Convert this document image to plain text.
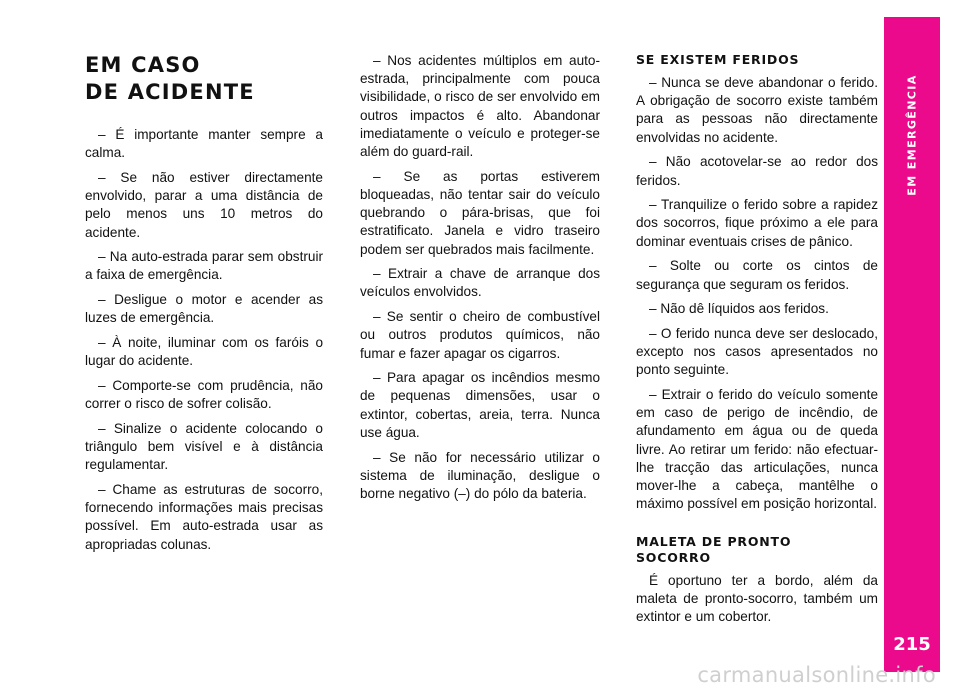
EM CASO
DE ACIDENTE

– É importante manter sempre a calma.

– Se não estiver directamente envolvido, parar a uma distância de pelo menos uns 10 metros do acidente.

– Na auto-estrada parar sem obstruir a faixa de emergência.

– Desligue o motor e acender as luzes de emergência.

– À noite, iluminar com os faróis o lugar do acidente.

– Comporte-se com prudência, não correr o risco de sofrer colisão.

– Sinalize o acidente colocando o triângulo bem visível e à distância regulamentar.

– Chame as estruturas de socorro, fornecendo informações mais precisas possível. Em auto-estrada usar as apropriadas colunas.

– Nos acidentes múltiplos em auto-estrada, principalmente com pouca visibilidade, o risco de ser envolvido em outros impactos é alto. Abandonar imediatamente o veículo e proteger-se além do guard-rail.

– Se as portas estiverem bloqueadas, não tentar sair do veículo quebrando o pára-brisas, que foi estratificato. Janela e vidro traseiro podem ser quebrados mais facilmente.

– Extrair a chave de arranque dos veículos envolvidos.

– Se sentir o cheiro de combustível ou outros produtos químicos, não fumar e fazer apagar os cigarros.

– Para apagar os incêndios mesmo de pequenas dimensões, usar o extintor, cobertas, areia, terra. Nunca use água.

– Se não for necessário utilizar o sistema de iluminação, desligue o borne negativo (–) do pólo da bateria.

SE EXISTEM FERIDOS

– Nunca se deve abandonar o ferido. A obrigação de socorro existe também para as pessoas não directamente envolvidas no acidente.

– Não acotovelar-se ao redor dos feridos.

– Tranquilize o ferido sobre a rapidez dos socorros, fique próximo a ele para dominar eventuais crises de pânico.

– Solte ou corte os cintos de segurança que seguram os feridos.

– Não dê líquidos aos feridos.

– O ferido nunca deve ser deslocado, excepto nos casos apresentados no ponto seguinte.

– Extrair o ferido do veículo somente em caso de perigo de incêndio, de afundamento em água ou de queda livre. Ao retirar um ferido: não efectuar-lhe tracção das articulações, nunca mover-lhe a cabeça, mantêlhe o máximo possível em posição horizontal.

MALETA DE PRONTO
SOCORRO

É oportuno ter a bordo, além da maleta de pronto-socorro, também um extintor e um cobertor.

EM EMERGÊNCIA
215
carmanualsonline.info
